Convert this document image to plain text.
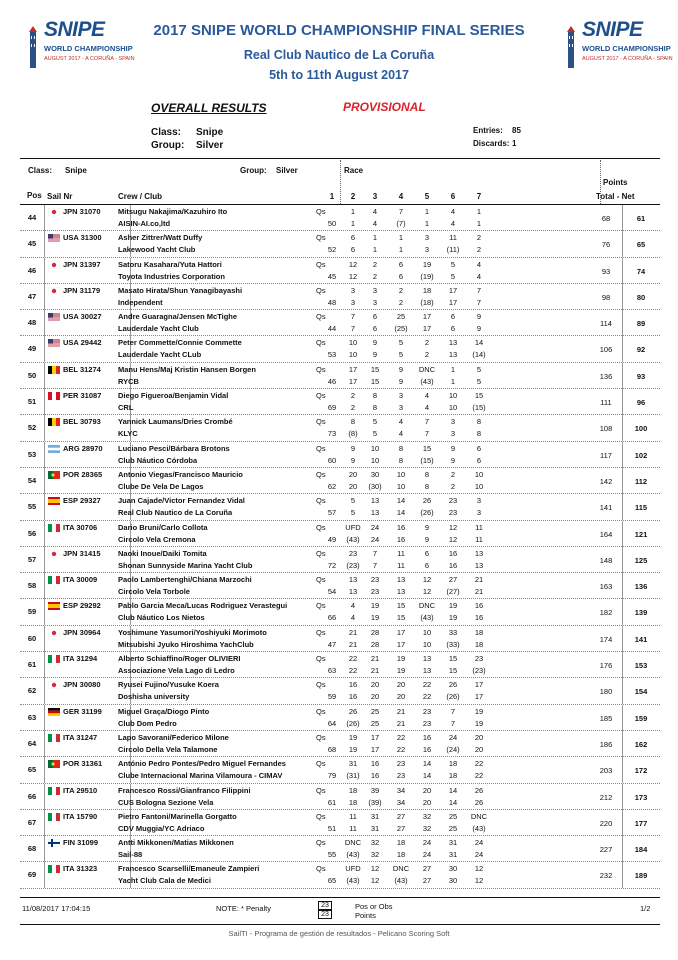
SNIPE
WORLD CHAMPIONSHIP
AUGUST 2017 - A CORUÑA - SPAIN
SNIPE
WORLD CHAMPIONSHIP
AUGUST 2017 - A CORUÑA - SPAIN
2017 SNIPE WORLD CHAMPIONSHIP FINAL SERIES
Real Club Nautico de La Coruña
5th to 11th August 2017
OVERALL RESULTS	PROVISIONAL
Class: Snipe
Group: Silver
Entries: 85
Discards: 1
Class: Snipe	Group: Silver	Race
Points
Pos Sail Nr	Crew / Club	Total - Net
1	2	3	4	5	6	7
44
JPN 31070 Mitsugu Nakajima/Kazuhiro Ito
AISIN-AI.co,ltd
Qs	1	4	7	1	4	1
50	1	4	(7)	1	4	1
68	61
45
USA 31300 Asher Zittrer/Watt Duffy
Lakewood Yacht Club
Qs	6	1	1	3	11	2
52	6	1	1	3	(11)	2
76	65
46
JPN 31397 Satoru Kasahara/Yuta Hattori
Toyota Industries Corporation
Qs	12	2	6	19	5	4
45	12	2	6	(19)	5	4
93	74
47
JPN 31179 Masato Hirata/Shun Yanagibayashi
Independent
Qs	3	3	2	18	17	7
48	3	3	2	(18)	17	7
98	80
48
USA 30027 Andre Guaragna/Jensen McTighe
Lauderdale Yacht Club
Qs	7	6	25	17	6	9
44	7	6	(25)	17	6	9
114	89
49
USA 29442 Peter Commette/Connie Commette
Lauderdale Yacht CLub
Qs	10	9	5	2	13	14
53	10	9	5	2	13	(14)
106	92
50
BEL 31274 Manu Hens/Maj Kristin Hansen Borgen
RYCB
Qs	17	15	9	DNC	1	5
46	17	15	9	(43)	1	5
136	93
51
PER 31087 Diego Figueroa/Benjamin Vidal
CRL
Qs	2	8	3	4	10	15
69	2	8	3	4	10	(15)
111	96
52
BEL 30793 Yannick Laumans/Dries Crombé
KLYC
Qs	8	5	4	7	3	8
73	(8)	5	4	7	3	8
108	100
53
ARG 28970 Luciano Pesci/Bárbara Brotons
Club Náutico Córdoba
Qs	9	10	8	15	9	6
60	9	10	8	(15)	9	6
117	102
54
POR 28365 Antonio Viegas/Francisco Mauricio
Clube De Vela De Lagos
Qs	20	30	10	8	2	10
62	20	(30)	10	8	2	10
142	112
55
ESP 29327 Juan Cajade/Victor Fernandez Vidal
Real Club Nautico de La Coruña
Qs	5	13	14	26	23	3
57	5	13	14	(26)	23	3
141	115
56
ITA 30706	Dario Bruni/Carlo Collota
Circolo Vela Cremona
Qs	UFD	24	16	9	12	11
49	(43)	24	16	9	12	11
164	121
57
JPN 31415 Naoki Inoue/Daiki Tomita
Shonan Sunnyside Marina Yacht Club
Qs	23	7	11	6	16	13
72	(23)	7	11	6	16	13
148	125
58
ITA 30009	Paolo Lambertenghi/Chiana Marzochi
Circolo Vela Torbole
Qs	13	23	13	12	27	21
54	13	23	13	12	(27)	21
163	136
59
ESP 29292 Pablo Garcia Meca/Lucas Rodriguez Verastegui
Club Náutico Los Nietos
Qs	4	19	15	DNC	19	16
66	4	19	15	(43)	19	16
182	139
60
JPN 30964 Yoshimune Yasumori/Yoshiyuki Morimoto
Mitsubishi Jyuko Hiroshima YachClub
Qs	21	28	17	10	33	18
47	21	28	17	10	(33)	18
174	141
61
ITA 31294	Alberto Schiaffino/Roger OLIVIERI
Associazione Vela Lago di Ledro
Qs	22	21	19	13	15	23
63	22	21	19	13	15	(23)
176	153
62
JPN 30080 Ryusei Fujino/Yusuke Koera
Doshisha university
Qs	16	20	20	22	26	17
59	16	20	20	22	(26)	17
180	154
63
GER 31199 Miguel Graça/Diogo Pinto
Club Dom Pedro
Qs	26	25	21	23	7	19
64	(26)	25	21	23	7	19
185	159
64
ITA 31247	Lapo Savorani/Federico Milone
Circolo Della Vela Talamone
Qs	19	17	22	16	24	20
68	19	17	22	16	(24)	20
186	162
65
POR 31361 António Pedro Pontes/Pedro Miguel Fernandes
Clube Internacional Marina Vilamoura - CIMAV
Qs	31	16	23	14	18	22
79	(31)	16	23	14	18	22
203	172
66
ITA 29510	Francesco Rossi/Gianfranco Filippini
CUS Bologna Sezione Vela
Qs	18	39	34	20	14	26
61	18	(39)	34	20	14	26
212	173
67
ITA 15790	Pietro Fantoni/Marinella Gorgatto
CDV Muggia/YC Adriaco
Qs	11	31	27	32	25	DNC
51	11	31	27	32	25	(43)
220	177
68
FIN 31099	Antti Mikkonen/Matias Mikkonen
Sail-88
Qs	DNC	32	18	24	31	24
55	(43)	32	18	24	31	24
227	184
69
ITA 31323	Francesco Scarselli/Emaneule Zampieri
Yacht Club Cala de Medici
Qs	UFD	12	DNC	27	30	12
65	(43)	12	(43)	27	30	12
232	189
11/08/2017 17:04:15	NOTE: * Penalty	23
23
Pos or Obs
Points
1/2
SailTI - Programa de gestión de resultados - Pelicano Scoring Soft
